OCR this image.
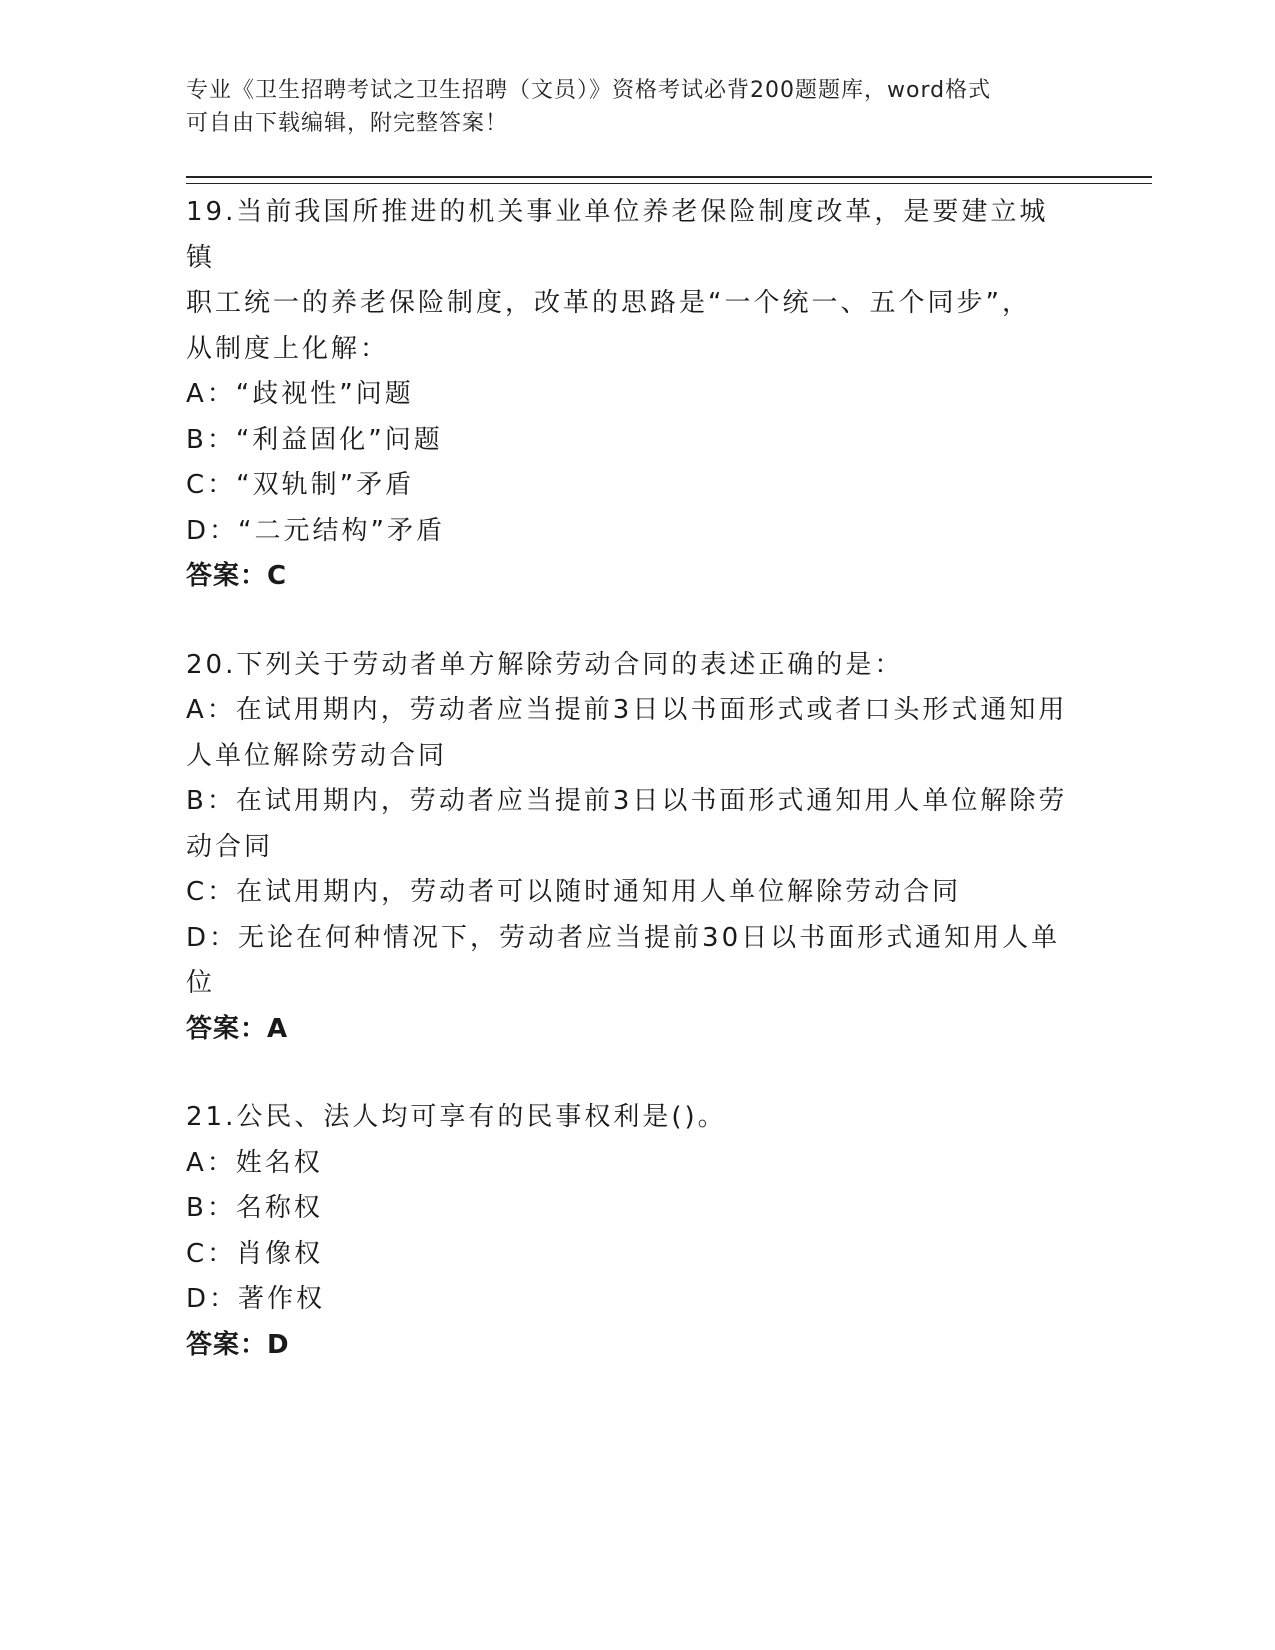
专业《卫生招聘考试之卫生招聘（文员）》资格考试必背200题题库，word格式
可自由下载编辑，附完整答案！

19.当前我国所推进的机关事业单位养老保险制度改革，是要建立城镇

职工统一的养老保险制度，改革的思路是“一个统一、五个同步”，

从制度上化解：

A：“歧视性”问题

B：“利益固化”问题

C：“双轨制”矛盾

D：“二元结构”矛盾

答案：C

20.下列关于劳动者单方解除劳动合同的表述正确的是：

A：在试用期内，劳动者应当提前3日以书面形式或者口头形式通知用

人单位解除劳动合同

B：在试用期内，劳动者应当提前3日以书面形式通知用人单位解除劳

动合同

C：在试用期内，劳动者可以随时通知用人单位解除劳动合同

D：无论在何种情况下，劳动者应当提前30日以书面形式通知用人单

位

答案：A

21.公民、法人均可享有的民事权利是()。

A：姓名权

B：名称权

C：肖像权

D：著作权

答案：D
